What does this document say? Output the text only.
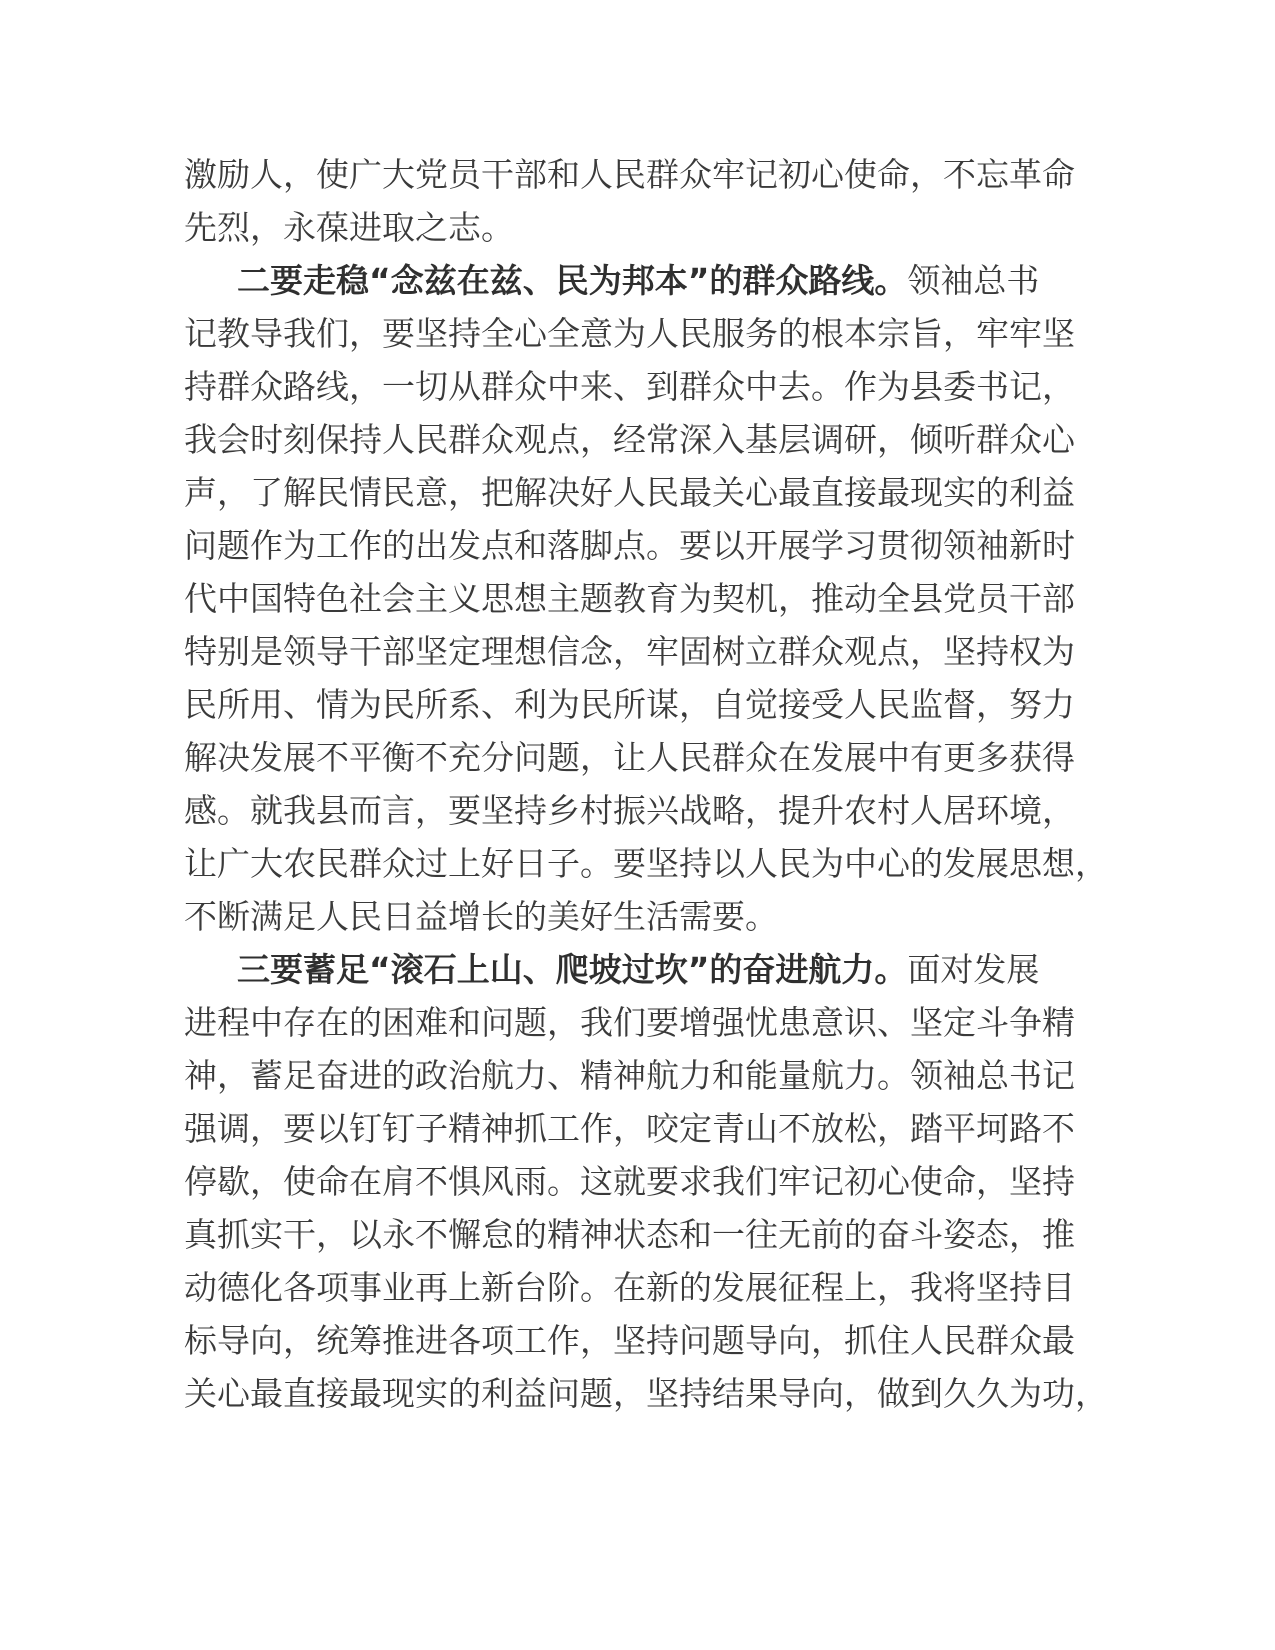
激励人，使广大党员干部和人民群众牢记初心使命，不忘革命
先烈，永葆进取之志。
二要走稳“念兹在兹、民为邦本”的群众路线。领袖总书
记教导我们，要坚持全心全意为人民服务的根本宗旨，牢牢坚
持群众路线，一切从群众中来、到群众中去。作为县委书记，
我会时刻保持人民群众观点，经常深入基层调研，倾听群众心
声，了解民情民意，把解决好人民最关心最直接最现实的利益
问题作为工作的出发点和落脚点。要以开展学习贯彻领袖新时
代中国特色社会主义思想主题教育为契机，推动全县党员干部
特别是领导干部坚定理想信念，牢固树立群众观点，坚持权为
民所用、情为民所系、利为民所谋，自觉接受人民监督，努力
解决发展不平衡不充分问题，让人民群众在发展中有更多获得
感。就我县而言，要坚持乡村振兴战略，提升农村人居环境，
让广大农民群众过上好日子。要坚持以人民为中心的发展思想，
不断满足人民日益增长的美好生活需要。
三要蓄足“滚石上山、爬坡过坎”的奋进航力。面对发展
进程中存在的困难和问题，我们要增强忧患意识、坚定斗争精
神，蓄足奋进的政治航力、精神航力和能量航力。领袖总书记
强调，要以钉钉子精神抓工作，咬定青山不放松，踏平坷路不
停歇，使命在肩不惧风雨。这就要求我们牢记初心使命，坚持
真抓实干，以永不懈怠的精神状态和一往无前的奋斗姿态，推
动德化各项事业再上新台阶。在新的发展征程上，我将坚持目
标导向，统筹推进各项工作，坚持问题导向，抓住人民群众最
关心最直接最现实的利益问题，坚持结果导向，做到久久为功，
